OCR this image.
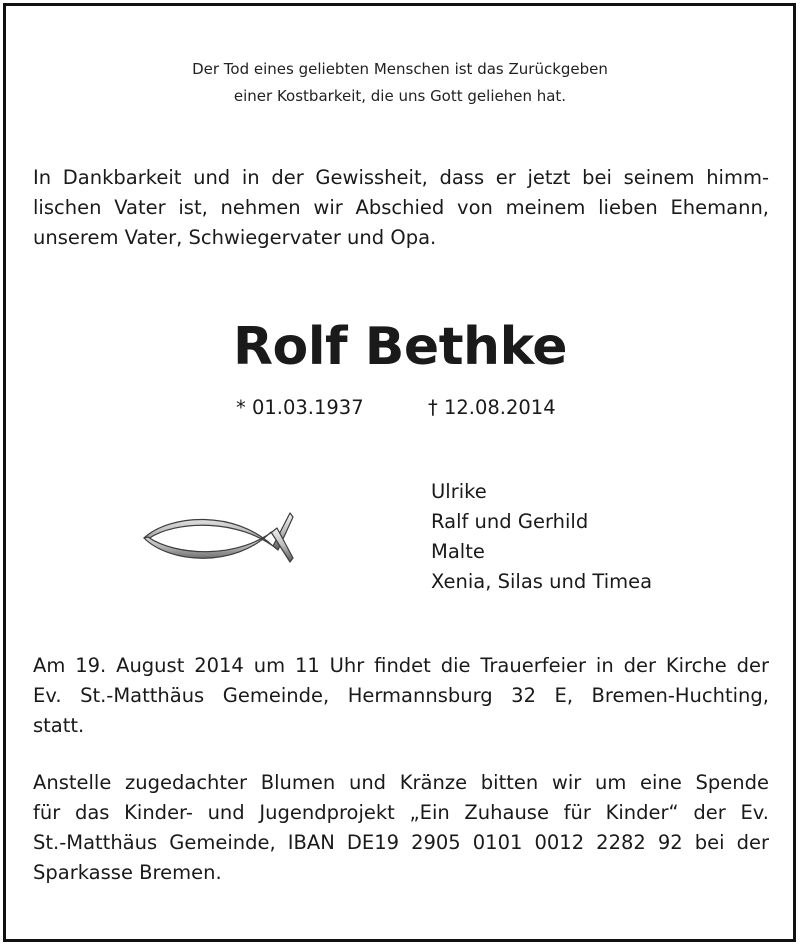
Der Tod eines geliebten Menschen ist das Zurückgeben
einer Kostbarkeit, die uns Gott geliehen hat.

In Dankbarkeit und in der Gewissheit, dass er jetzt bei seinem himm-
lischen Vater ist, nehmen wir Abschied von meinem lieben Ehemann,
unserem Vater, Schwiegervater und Opa.

Rolf Bethke
* 01.03.1937	† 12.08.2014
Ulrike
Ralf und Gerhild
Malte
Xenia, Silas und Timea

Am 19. August 2014 um 11 Uhr findet die Trauerfeier in der Kirche der
Ev. St.-Matthäus Gemeinde, Hermannsburg 32 E, Bremen-Huchting,
statt.

Anstelle zugedachter Blumen und Kränze bitten wir um eine Spende
für das Kinder- und Jugendprojekt „Ein Zuhause für Kinder“ der Ev.
St.-Matthäus Gemeinde, IBAN DE19 2905 0101 0012 2282 92 bei der
Sparkasse Bremen.
